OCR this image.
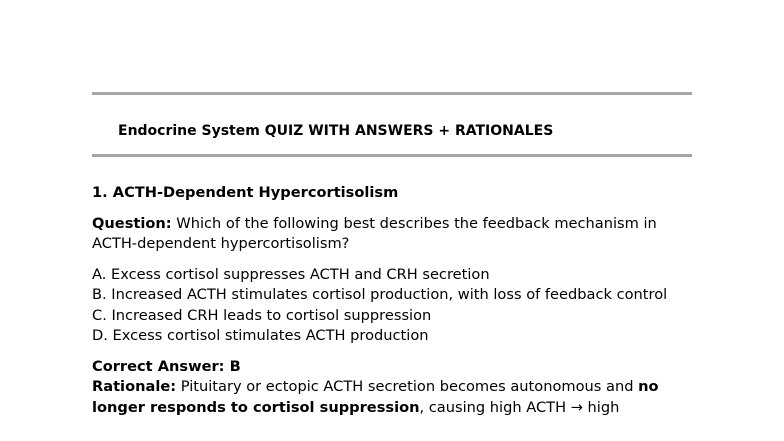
Endocrine System QUIZ WITH ANSWERS + RATIONALES

1. ACTH-Dependent Hypercortisolism

Question: Which of the following best describes the feedback mechanism in ACTH-dependent hypercortisolism?

A. Excess cortisol suppresses ACTH and CRH secretion

B. Increased ACTH stimulates cortisol production, with loss of feedback control

C. Increased CRH leads to cortisol suppression

D. Excess cortisol stimulates ACTH production

Correct Answer: B

Rationale: Pituitary or ectopic ACTH secretion becomes autonomous and no longer responds to cortisol suppression, causing high ACTH → high
